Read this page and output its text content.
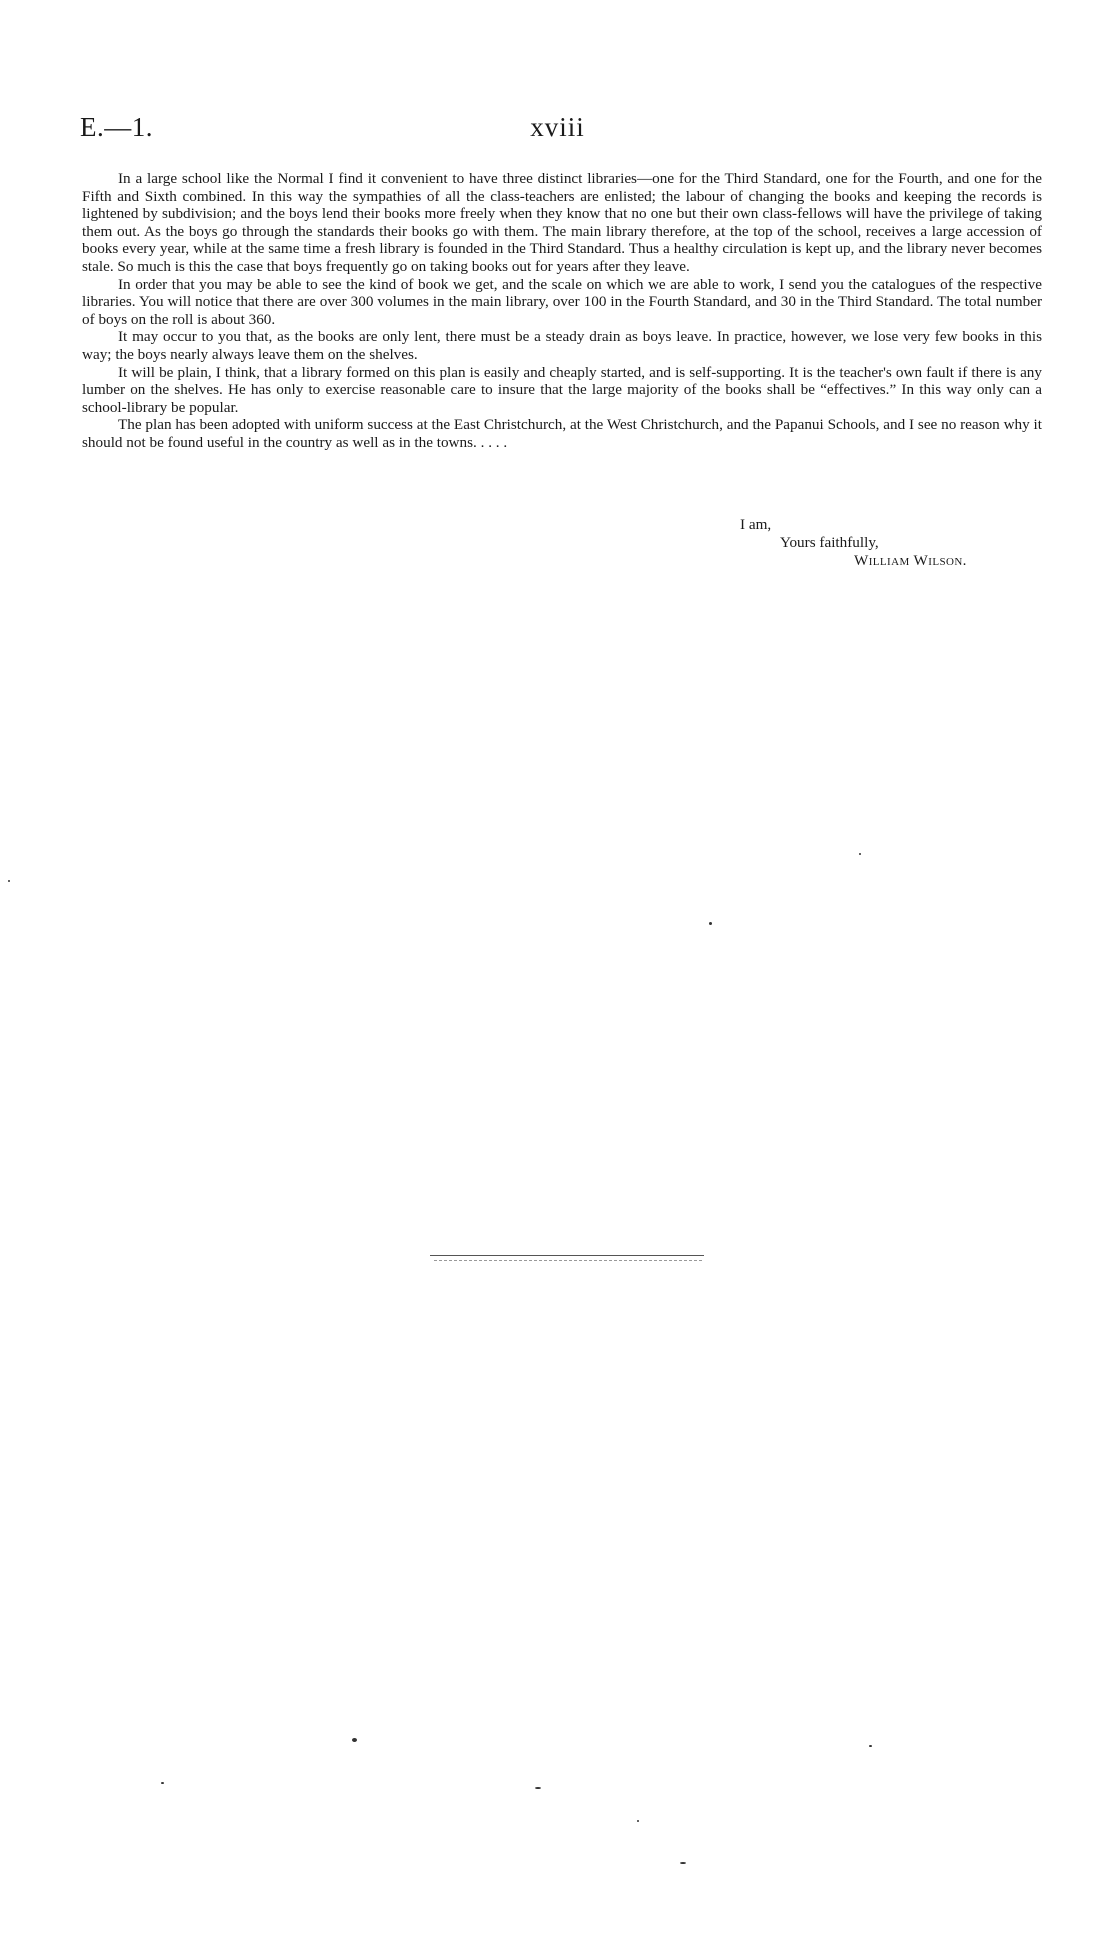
E.—1.	xviii

In a large school like the Normal I find it convenient to have three distinct libraries—one for the Third Standard, one for the Fourth, and one for the Fifth and Sixth combined. In this way the sympathies of all the class-teachers are enlisted; the labour of changing the books and keeping the records is lightened by subdivision; and the boys lend their books more freely when they know that no one but their own class-fellows will have the privilege of taking them out. As the boys go through the standards their books go with them. The main library therefore, at the top of the school, receives a large accession of books every year, while at the same time a fresh library is founded in the Third Standard. Thus a healthy circulation is kept up, and the library never becomes stale. So much is this the case that boys frequently go on taking books out for years after they leave.

In order that you may be able to see the kind of book we get, and the scale on which we are able to work, I send you the catalogues of the respective libraries. You will notice that there are over 300 volumes in the main library, over 100 in the Fourth Standard, and 30 in the Third Standard. The total number of boys on the roll is about 360.

It may occur to you that, as the books are only lent, there must be a steady drain as boys leave. In practice, however, we lose very few books in this way; the boys nearly always leave them on the shelves.

It will be plain, I think, that a library formed on this plan is easily and cheaply started, and is self-supporting. It is the teacher's own fault if there is any lumber on the shelves. He has only to exercise reasonable care to insure that the large majority of the books shall be “effectives.” In this way only can a school-library be popular.

The plan has been adopted with uniform success at the East Christchurch, at the West Christchurch, and the Papanui Schools, and I see no reason why it should not be found useful in the country as well as in the towns. . . . .

I am,
Yours faithfully,
William Wilson.
